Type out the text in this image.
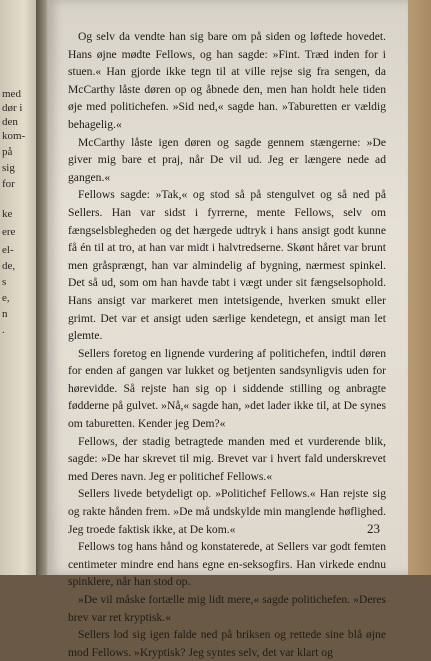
med
dør i
den
kom-
på
sig
for
ke
ere
el-
de,
s
e,
n
.

Og selv da vendte han sig bare om på siden og løftede hovedet. Hans øjne mødte Fellows, og han sagde: »Fint. Træd inden for i stuen.« Han gjorde ikke tegn til at ville rejse sig fra sengen, da McCarthy låste døren op og åbnede den, men han holdt hele tiden øje med politichefen. »Sid ned,« sagde han. »Taburetten er vældig behagelig.«

McCarthy låste igen døren og sagde gennem stængerne: »De giver mig bare et praj, når De vil ud. Jeg er længere nede ad gangen.«

Fellows sagde: »Tak,« og stod så på stengulvet og så ned på Sellers. Han var sidst i fyrrerne, mente Fellows, selv om fængselsblegheden og det hærgede udtryk i hans ansigt godt kunne få én til at tro, at han var midt i halvtredserne. Skønt håret var brunt men gråsprængt, han var almindelig af bygning, nærmest spinkel. Det så ud, som om han havde tabt i vægt under sit fængselsophold. Hans ansigt var markeret men intetsigende, hverken smukt eller grimt. Det var et ansigt uden særlige kendetegn, et ansigt man let glemte.

Sellers foretog en lignende vurdering af politichefen, indtil døren for enden af gangen var lukket og betjenten sandsynligvis uden for hørevidde. Så rejste han sig op i siddende stilling og anbragte fødderne på gulvet. »Nå,« sagde han, »det lader ikke til, at De synes om taburetten. Kender jeg Dem?«

Fellows, der stadig betragtede manden med et vurderende blik, sagde: »De har skrevet til mig. Brevet var i hvert fald underskrevet med Deres navn. Jeg er politichef Fellows.«

Sellers livede betydeligt op. »Politichef Fellows.« Han rejste sig og rakte hånden frem. »De må undskylde min manglende høflighed. Jeg troede faktisk ikke, at De kom.«

Fellows tog hans hånd og konstaterede, at Sellers var godt femten centimeter mindre end hans egne en-seksogfirs. Han virkede endnu spinklere, når han stod op.

»De vil måske fortælle mig lidt mere,« sagde politichefen. »Deres brev var ret kryptisk.«

Sellers lod sig igen falde ned på briksen og rettede sine blå øjne mod Fellows. »Kryptisk? Jeg syntes selv, det var klart og

23
